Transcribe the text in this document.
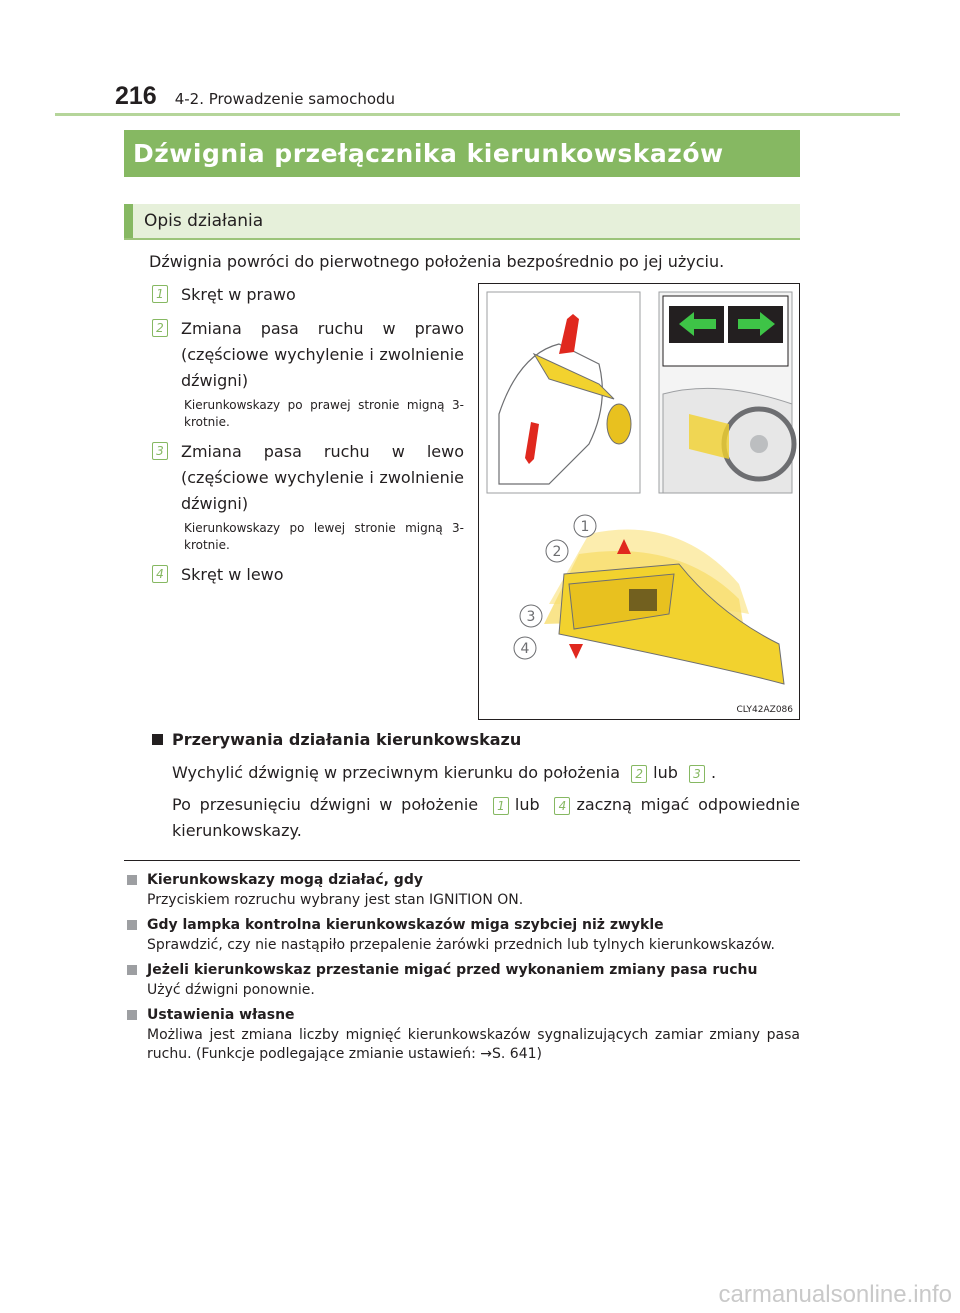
216 4-2. Prowadzenie samochodu
Dźwignia przełącznika kierunkowskazów
Opis działania
Dźwignia powróci do pierwotnego położenia bezpośrednio po jej użyciu.
1 Skręt w prawo
2 Zmiana pasa ruchu w prawo (częściowe wychylenie i zwolnienie dźwigni)
Kierunkowskazy po prawej stronie migną 3-krotnie.
3 Zmiana pasa ruchu w lewo (częściowe wychylenie i zwolnienie dźwigni)
Kierunkowskazy po lewej stronie migną 3-krotnie.
4 Skręt w lewo
1
2
3
4
CLY42AZ086
Przerywania działania kierunkowskazu
Wychylić dźwignię w przeciwnym kierunku do położenia 2 lub 3 .
Po przesunięciu dźwigni w położenie 1 lub 4 zaczną migać odpowiednie kierunkowskazy.
Kierunkowskazy mogą działać, gdy
Przyciskiem rozruchu wybrany jest stan IGNITION ON.
Gdy lampka kontrolna kierunkowskazów miga szybciej niż zwykle
Sprawdzić, czy nie nastąpiło przepalenie żarówki przednich lub tylnych kierunkowskazów.
Jeżeli kierunkowskaz przestanie migać przed wykonaniem zmiany pasa ruchu
Użyć dźwigni ponownie.
Ustawienia własne
Możliwa jest zmiana liczby mignięć kierunkowskazów sygnalizujących zamiar zmiany pasa ruchu. (Funkcje podlegające zmianie ustawień: →S. 641)
carmanualsonline.info
